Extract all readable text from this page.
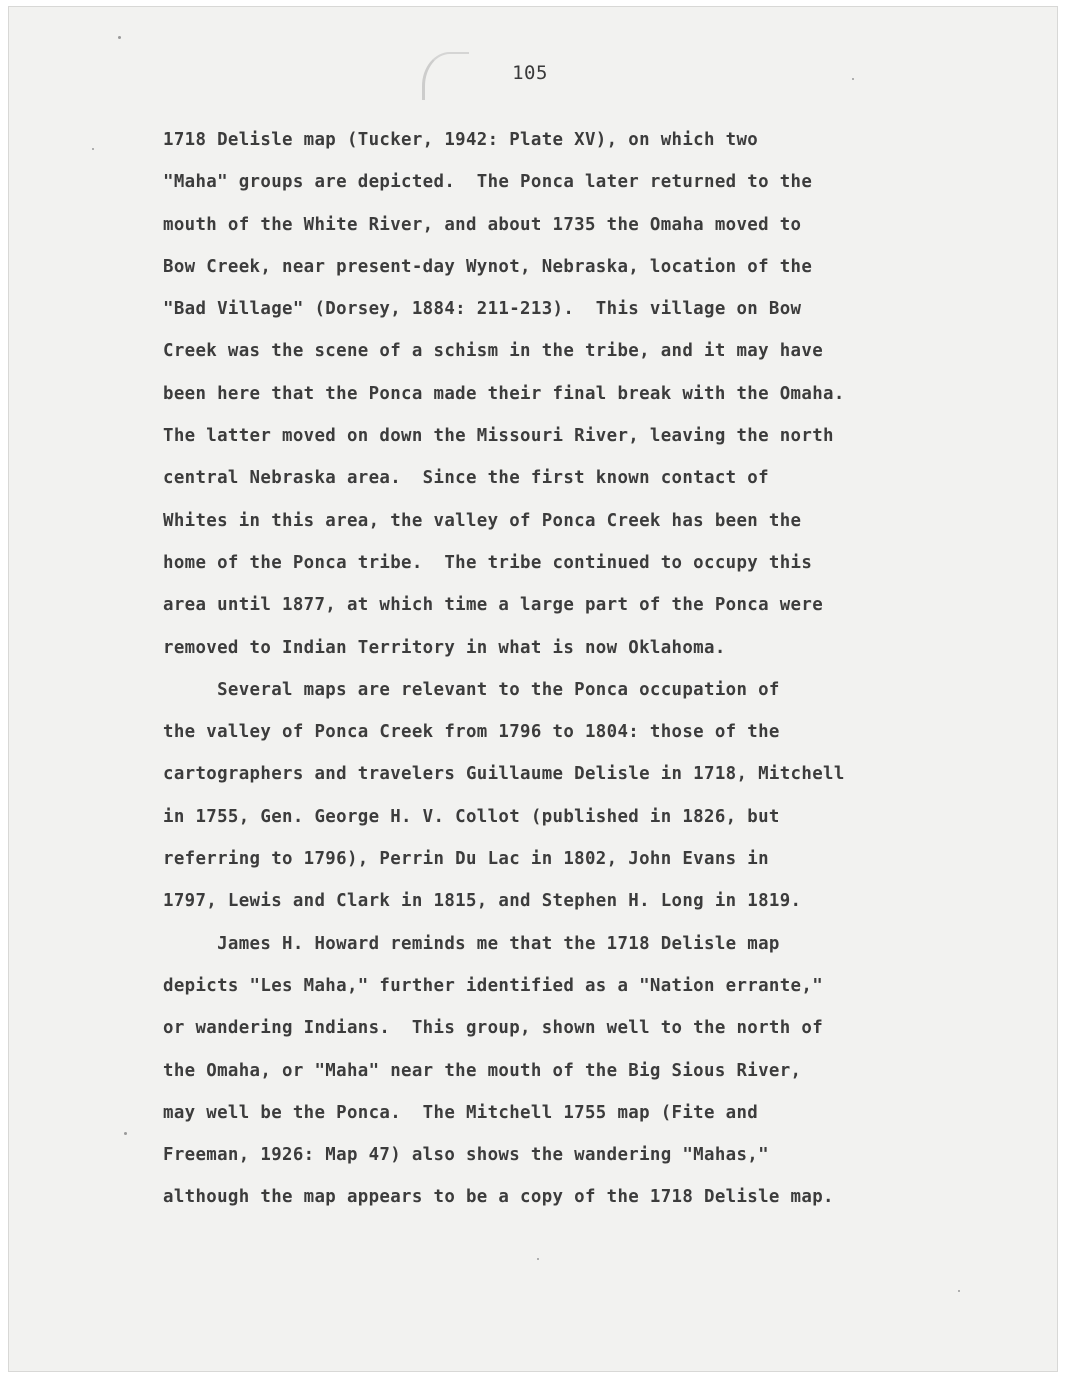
105
1718 Delisle map (Tucker, 1942: Plate XV), on which two
"Maha" groups are depicted.  The Ponca later returned to the
mouth of the White River, and about 1735 the Omaha moved to
Bow Creek, near present-day Wynot, Nebraska, location of the
"Bad Village" (Dorsey, 1884: 211-213).  This village on Bow
Creek was the scene of a schism in the tribe, and it may have
been here that the Ponca made their final break with the Omaha.
The latter moved on down the Missouri River, leaving the north
central Nebraska area.  Since the first known contact of
Whites in this area, the valley of Ponca Creek has been the
home of the Ponca tribe.  The tribe continued to occupy this
area until 1877, at which time a large part of the Ponca were
removed to Indian Territory in what is now Oklahoma.
Several maps are relevant to the Ponca occupation of
the valley of Ponca Creek from 1796 to 1804: those of the
cartographers and travelers Guillaume Delisle in 1718, Mitchell
in 1755, Gen. George H. V. Collot (published in 1826, but
referring to 1796), Perrin Du Lac in 1802, John Evans in
1797, Lewis and Clark in 1815, and Stephen H. Long in 1819.
James H. Howard reminds me that the 1718 Delisle map
depicts "Les Maha," further identified as a "Nation errante,"
or wandering Indians.  This group, shown well to the north of
the Omaha, or "Maha" near the mouth of the Big Sious River,
may well be the Ponca.  The Mitchell 1755 map (Fite and
Freeman, 1926: Map 47) also shows the wandering "Mahas,"
although the map appears to be a copy of the 1718 Delisle map.
